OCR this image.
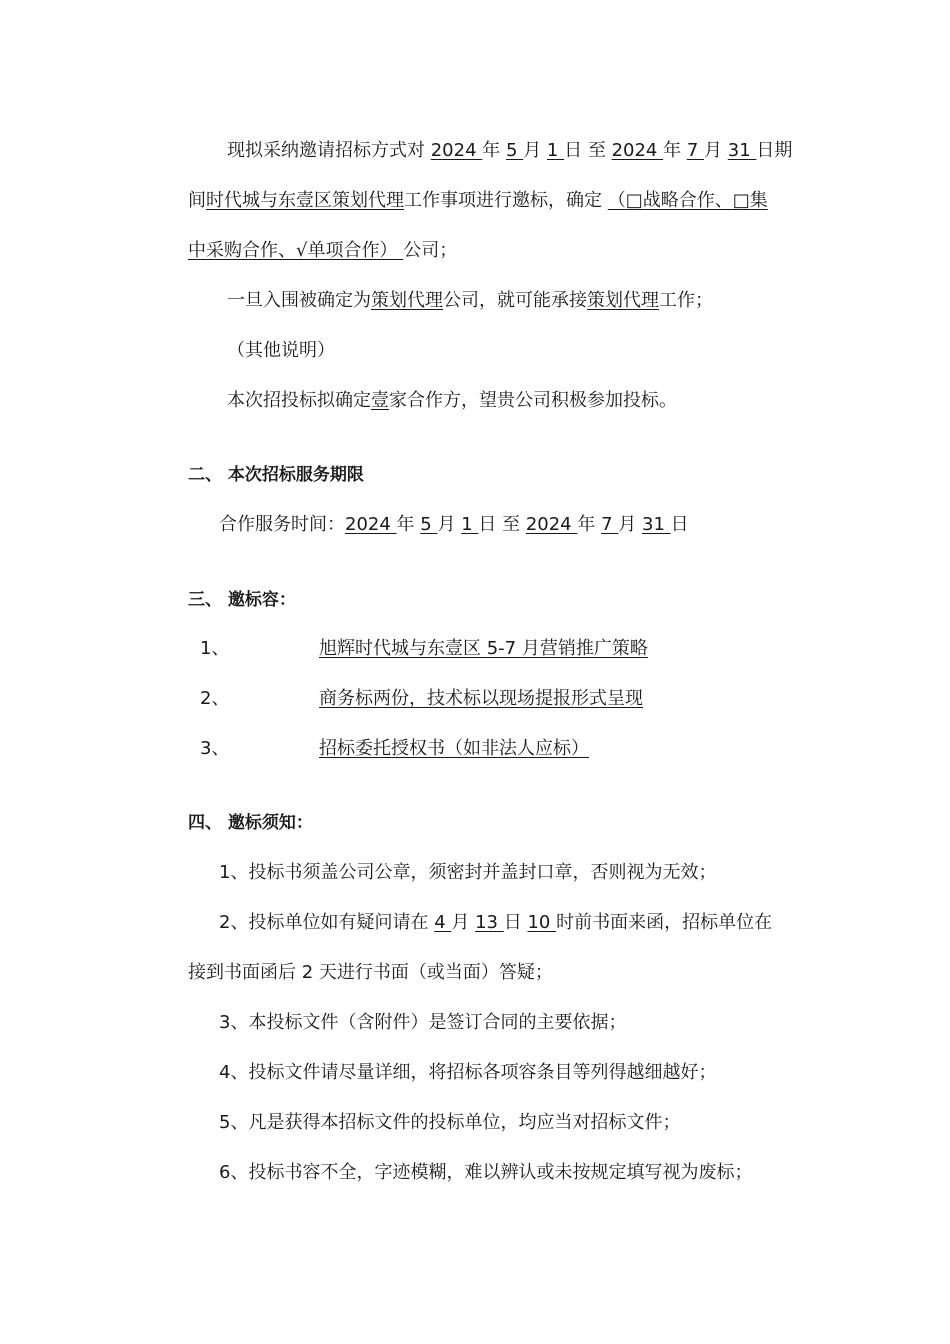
现拟采纳邀请招标方式对 2024 年 5 月 1 日 至 2024 年 7 月 31 日期
间时代城与东壹区策划代理工作事项进行邀标，确定 （□战略合作、□集
中采购合作、√单项合作） 公司；
一旦入围被确定为策划代理公司，就可能承接策划代理工作；
（其他说明）
本次招投标拟确定壹家合作方，望贵公司积极参加投标。
二、 本次招标服务期限
合作服务时间：2024 年 5 月 1 日 至 2024 年 7 月 31 日
三、 邀标容：
1、	旭辉时代城与东壹区 5-7 月营销推广策略
2、	商务标两份，技术标以现场提报形式呈现
3、	招标委托授权书（如非法人应标）
四、 邀标须知：
1、投标书须盖公司公章，须密封并盖封口章，否则视为无效；
2、投标单位如有疑问请在 4 月 13 日 10 时前书面来函，招标单位在
接到书面函后 2 天进行书面（或当面）答疑；
3、本投标文件（含附件）是签订合同的主要依据；
4、投标文件请尽量详细，将招标各项容条目等列得越细越好；
5、凡是获得本招标文件的投标单位，均应当对招标文件；
6、投标书容不全，字迹模糊，难以辨认或未按规定填写视为废标；
